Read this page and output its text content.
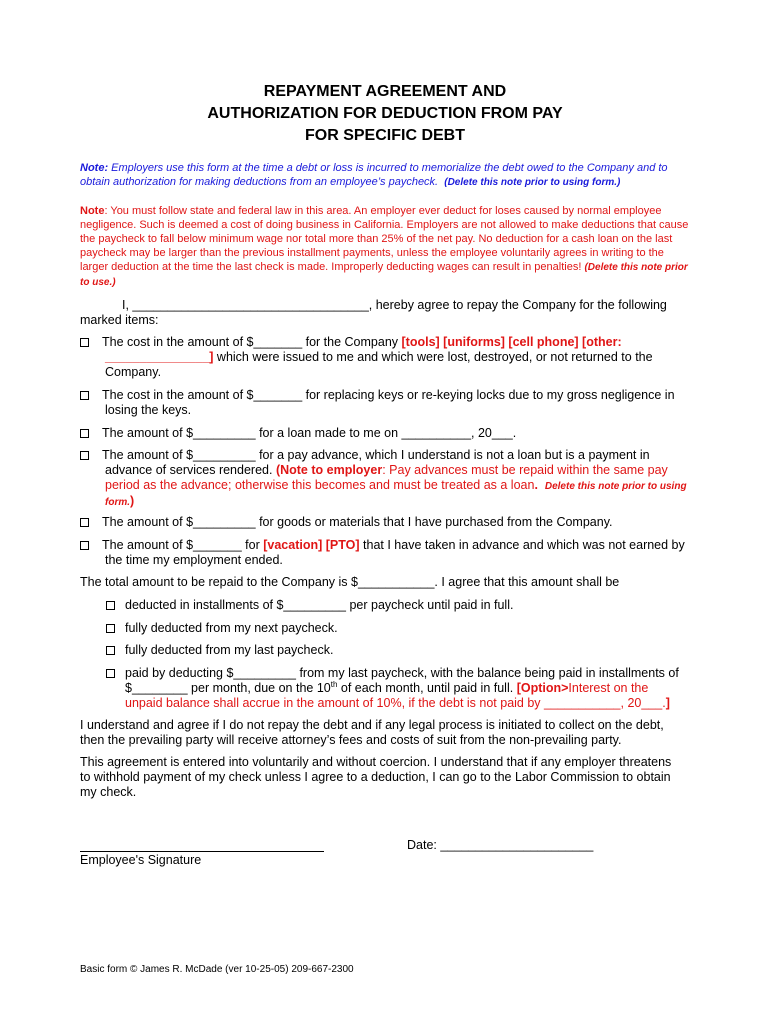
REPAYMENT AGREEMENT AND
AUTHORIZATION FOR DEDUCTION FROM PAY
FOR SPECIFIC DEBT
Note: Employers use this form at the time a debt or loss is incurred to memorialize the debt owed to the Company and to obtain authorization for making deductions from an employee’s paycheck. (Delete this note prior to using form.)
Note: You must follow state and federal law in this area. An employer ever deduct for loses caused by normal employee negligence. Such is deemed a cost of doing business in California. Employers are not allowed to make deductions that cause the paycheck to fall below minimum wage nor total more than 25% of the net pay. No deduction for a cash loan on the last paycheck may be larger than the previous installment payments, unless the employee voluntarily agrees in writing to the larger deduction at the time the last check is made. Improperly deducting wages can result in penalties! (Delete this note prior to use.)
I, __________________________________, hereby agree to repay the Company for the following
marked items:
The cost in the amount of $_______ for the Company [tools] [uniforms] [cell phone] [other:
_______________] which were issued to me and which were lost, destroyed, or not returned to the
Company.
The cost in the amount of $_______ for replacing keys or re-keying locks due to my gross negligence in
losing the keys.
The amount of $_________ for a loan made to me on __________, 20___.
The amount of $_________ for a pay advance, which I understand is not a loan but is a payment in
advance of services rendered. (Note to employer: Pay advances must be repaid within the same pay
period as the advance; otherwise this becomes and must be treated as a loan. Delete this note prior to using
form.)
The amount of $_________ for goods or materials that I have purchased from the Company.
The amount of $_______ for [vacation] [PTO] that I have taken in advance and which was not earned by
the time my employment ended.
The total amount to be repaid to the Company is $___________. I agree that this amount shall be
deducted in installments of $_________ per paycheck until paid in full.
fully deducted from my next paycheck.
fully deducted from my last paycheck.
paid by deducting $_________ from my last paycheck, with the balance being paid in installments of
$________ per month, due on the 10th of each month, until paid in full. [Option>Interest on the
unpaid balance shall accrue in the amount of 10%, if the debt is not paid by ___________, 20___.]
I understand and agree if I do not repay the debt and if any legal process is initiated to collect on the debt,
then the prevailing party will receive attorney’s fees and costs of suit from the non-prevailing party.
This agreement is entered into voluntarily and without coercion. I understand that if any employer threatens
to withhold payment of my check unless I agree to a deduction, I can go to the Labor Commission to obtain
my check.
Employee's Signature
Date: ______________________
Basic form © James R. McDade (ver 10-25-05) 209-667-2300
